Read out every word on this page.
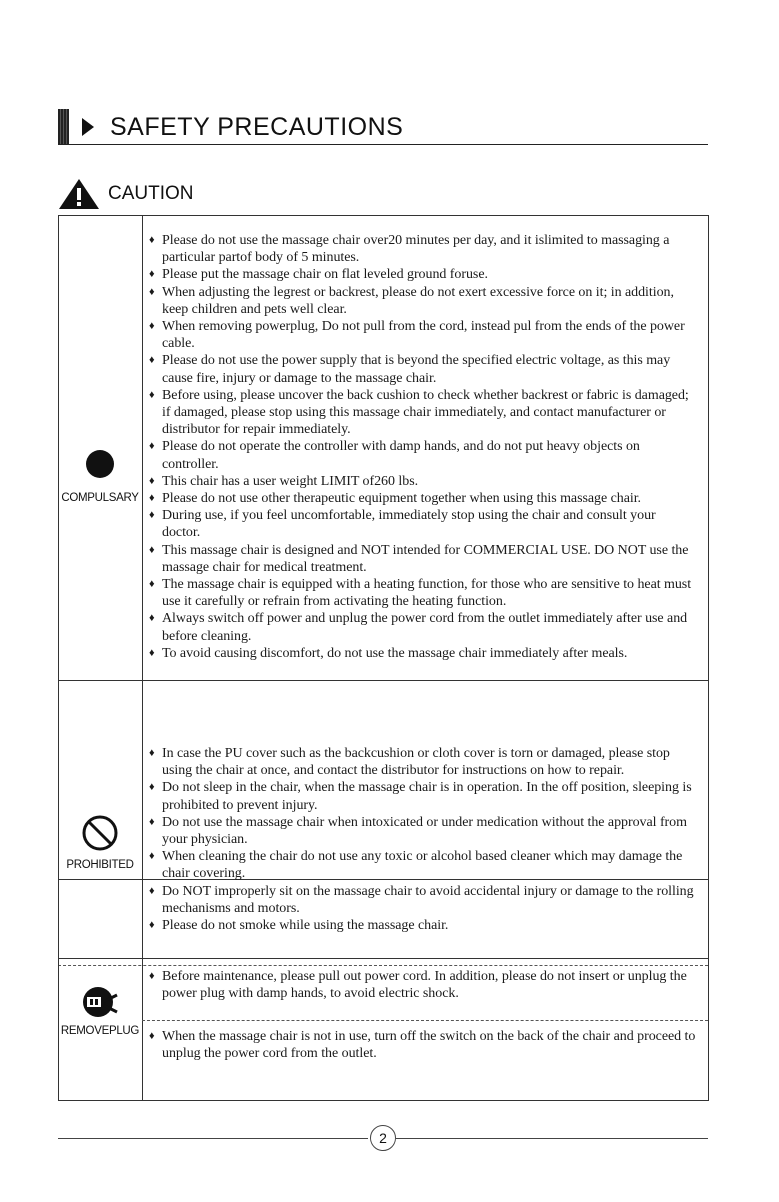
SAFETY PRECAUTIONS
CAUTION
COMPULSARY
♦ Please do not use the massage chair over20 minutes per day, and it islimited to massaging a particular partof body of 5 minutes.
♦ Please put the massage chair on flat leveled ground foruse.
♦ When adjusting the legrest or backrest, please do not exert excessive force on it; in addition, keep children and pets well clear.
♦ When removing powerplug, Do not pull from the cord, instead pul from the ends of the power cable.
♦ Please do not use the power supply that is beyond the specified electric voltage, as this may cause fire, injury or damage to the massage chair.
♦ Before using, please uncover the back cushion to check whether backrest or fabric is damaged; if damaged, please stop using this massage chair immediately, and contact manufacturer or distributor for repair immediately.
♦ Please do not operate the controller with damp hands, and do not put heavy objects on controller.
♦ This chair has a user weight LIMIT of260 lbs.
♦ Please do not use other therapeutic equipment together when using this massage chair.
♦ During use, if you feel uncomfortable, immediately stop using the chair and consult your doctor.
♦ This massage chair is designed and NOT intended for COMMERCIAL USE. DO NOT use the massage chair for medical treatment.
♦ The massage chair is equipped with a heating function, for those who are sensitive to heat must use it carefully or refrain from activating the heating function.
♦ Always switch off power and unplug the power cord from the outlet immediately after use and before cleaning.
♦ To avoid causing discomfort, do not use the massage chair immediately after meals.
PROHIBITED
♦ In case the PU cover such as the backcushion or cloth cover is torn or damaged, please stop using the chair at once, and contact the distributor for instructions on how to repair.
♦ Do not sleep in the chair, when the massage chair is in operation. In the off position, sleeping is prohibited to prevent injury.
♦ Do not use the massage chair when intoxicated or under medication without the approval from your physician.
♦ When cleaning the chair do not use any toxic or alcohol based cleaner which may damage the chair covering.
♦ Do NOT improperly sit on the massage chair to avoid accidental injury or damage to the rolling mechanisms and motors.
♦ Please do not smoke while using the massage chair.
REMOVEPLUG
♦ Before maintenance, please pull out power cord. In addition, please do not insert or unplug the power plug with damp hands, to avoid electric shock.
♦ When the massage chair is not in use, turn off the switch on the back of the chair and proceed to unplug the power cord from the outlet.
2
